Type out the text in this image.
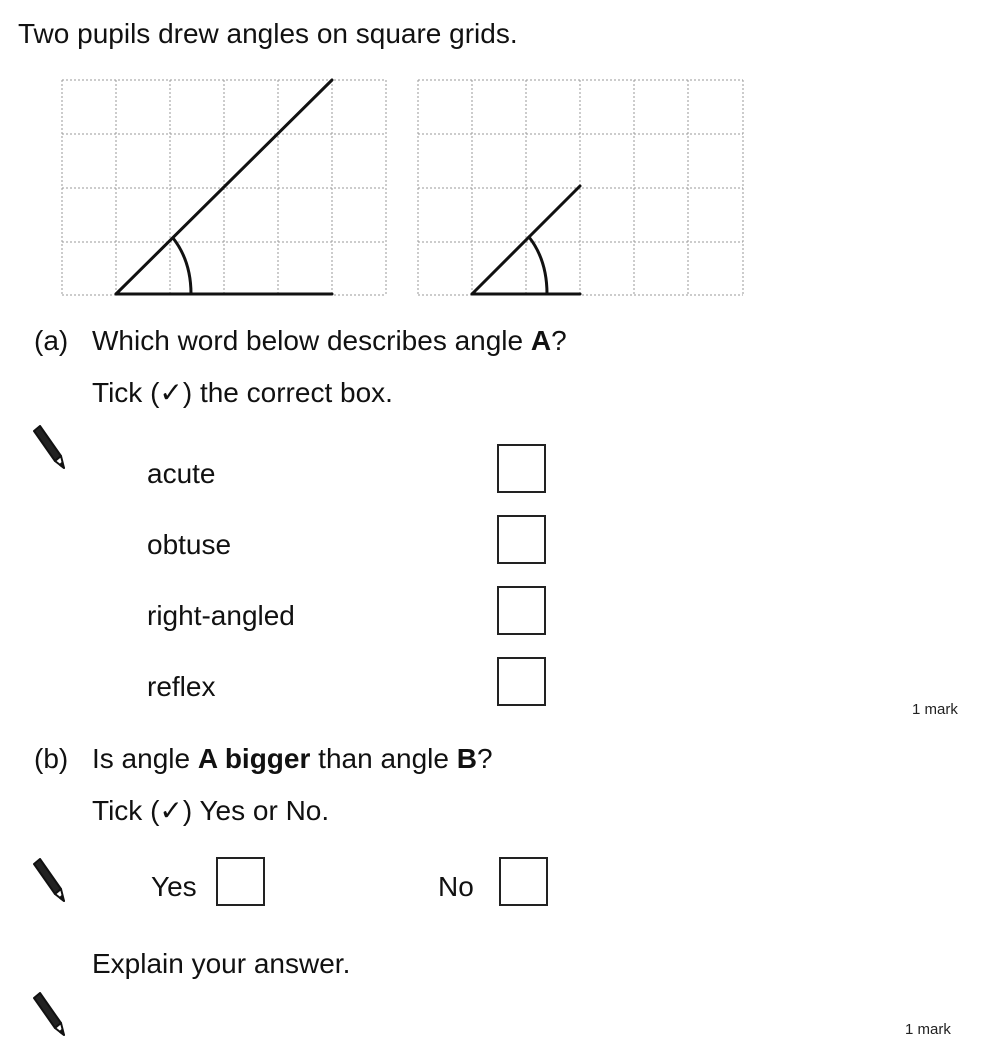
Two pupils drew angles on square grids.
(a) Which word below describes angle A?
Tick (✓) the correct box.
acute
obtuse
right-angled
reflex
1 mark
(b) Is angle A bigger than angle B?
Tick (✓) Yes or No.
Yes	No
Explain your answer.
1 mark
